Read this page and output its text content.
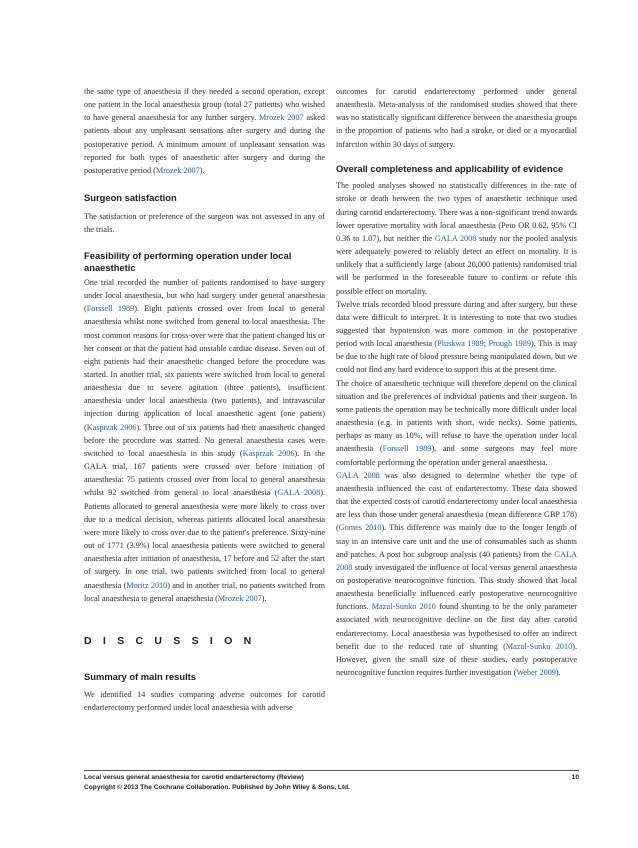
the same type of anaesthesia if they needed a second operation, except one patient in the local anaesthesia group (total 27 patients) who wished to have general anaesthesia for any further surgery. Mrozek 2007 asked patients about any unpleasant sensations after surgery and during the postoperative period. A minimum amount of unpleasant sensation was reported for both types of anaesthetic after surgery and during the postoperative period (Mrozek 2007).

Surgeon satisfaction

The satisfaction or preference of the surgeon was not assessed in any of the trials.

Feasibility of performing operation under local anaesthetic

One trial recorded the number of patients randomised to have surgery under local anaesthesia, but who had surgery under general anaesthesia (Forssell 1989). Eight patients crossed over from local to general anaesthesia whilst none switched from general to local anaesthesia. The most common reasons for cross-over were that the patient changed his or her consent or that the patient had unstable cardiac disease. Seven out of eight patients had their anaesthetic changed before the procedure was started. In another trial, six patients were switched from local to general anaesthesia due to severe agitation (three patients), insufficient anaesthesia under local anaesthesia (two patients), and intravascular injection during application of local anaesthetic agent (one patient) (Kasprzak 2006). Three out of six patients had their anaesthetic changed before the procedure was started. No general anaesthesia cases were switched to local anaesthesia in this study (Kasprzak 2006). In the GALA trial, 167 patients were crossed over before initiation of anaesthesia: 75 patients crossed over from local to general anaesthesia whilst 92 switched from general to local anaesthesia (GALA 2008). Patients allocated to general anaesthesia were more likely to cross over due to a medical decision, whereas patients allocated local anaesthesia were more likely to cross over due to the patient's preference. Sixty-nine out of 1771 (3.9%) local anaesthesia patients were switched to general anaesthesia after initiation of anaesthesia, 17 before and 52 after the start of surgery. In one trial, two patients switched from local to general anaesthesia (Moritz 2010) and in another trial, no patients switched from local anaesthesia to general anaesthesia (Mrozek 2007).

D I S C U S S I O N

Summary of main results

We identified 14 studies comparing adverse outcomes for carotid endarterectomy performed under local anaesthesia with adverse

outcomes for carotid endarterectomy performed under general anaesthesia. Meta-analysis of the randomised studies showed that there was no statistically significant difference between the anaesthesia groups in the proportion of patients who had a stroke, or died or a myocardial infarction within 30 days of surgery.

Overall completeness and applicability of evidence

The pooled analyses showed no statistically differences in the rate of stroke or death between the two types of anaesthetic technique used during carotid endarterectomy. There was a non-significant trend towards lower operative mortality with local anaesthesia (Peto OR 0.62, 95% CI 0.36 to 1.07), but neither the GALA 2008 study nor the pooled analysis were adequately powered to reliably detect an effect on mortality. It is unlikely that a sufficiently large (about 20,000 patients) randomised trial will be performed in the foreseeable future to confirm or refute this possible effect on mortality.

Twelve trials recorded blood pressure during and after surgery, but these data were difficult to interpret. It is interesting to note that two studies suggested that hypotension was more common in the postoperative period with local anaesthesia (Pluskwa 1989; Prough 1989). This is may be due to the high rate of blood pressure being manipulated down, but we could not find any hard evidence to support this at the present time.

The choice of anaesthetic technique will therefore depend on the clinical situation and the preferences of individual patients and their surgeon. In some patients the operation may be technically more difficult under local anaesthesia (e.g. in patients with short, wide necks). Some patients, perhaps as many as 10%, will refuse to have the operation under local anaesthesia (Forssell 1989), and some surgeons may feel more comfortable performing the operation under general anaesthesia.

GALA 2008 was also designed to determine whether the type of anaesthesia influenced the cost of endarterectomy. These data showed that the expected costs of carotid endarterectomy under local anaesthesia are less than those under general anaesthesia (mean difference GBP 178) (Gomes 2010). This difference was mainly due to the longer length of stay in an intensive care unit and the use of consumables such as shunts and patches. A post hoc subgroup analysis (40 patients) from the GALA 2008 study investigated the influence of local versus general anaesthesia on postoperative neurocognitive function. This study showed that local anaesthesia beneficially influenced early postoperative neurocognitive functions. Mazul-Sunko 2010 found shunting to be the only parameter associated with neurocognitive decline on the first day after carotid endarterectomy. Local anaesthesia was hypothesised to offer an indirect benefit due to the reduced rate of shunting (Mazul-Sunko 2010). However, given the small size of these studies, early postoperative neurocognitive function requires further investigation (Weber 2009).

Local versus general anaesthesia for carotid endarterectomy (Review)	10
Copyright © 2013 The Cochrane Collaboration. Published by John Wiley & Sons, Ltd.
